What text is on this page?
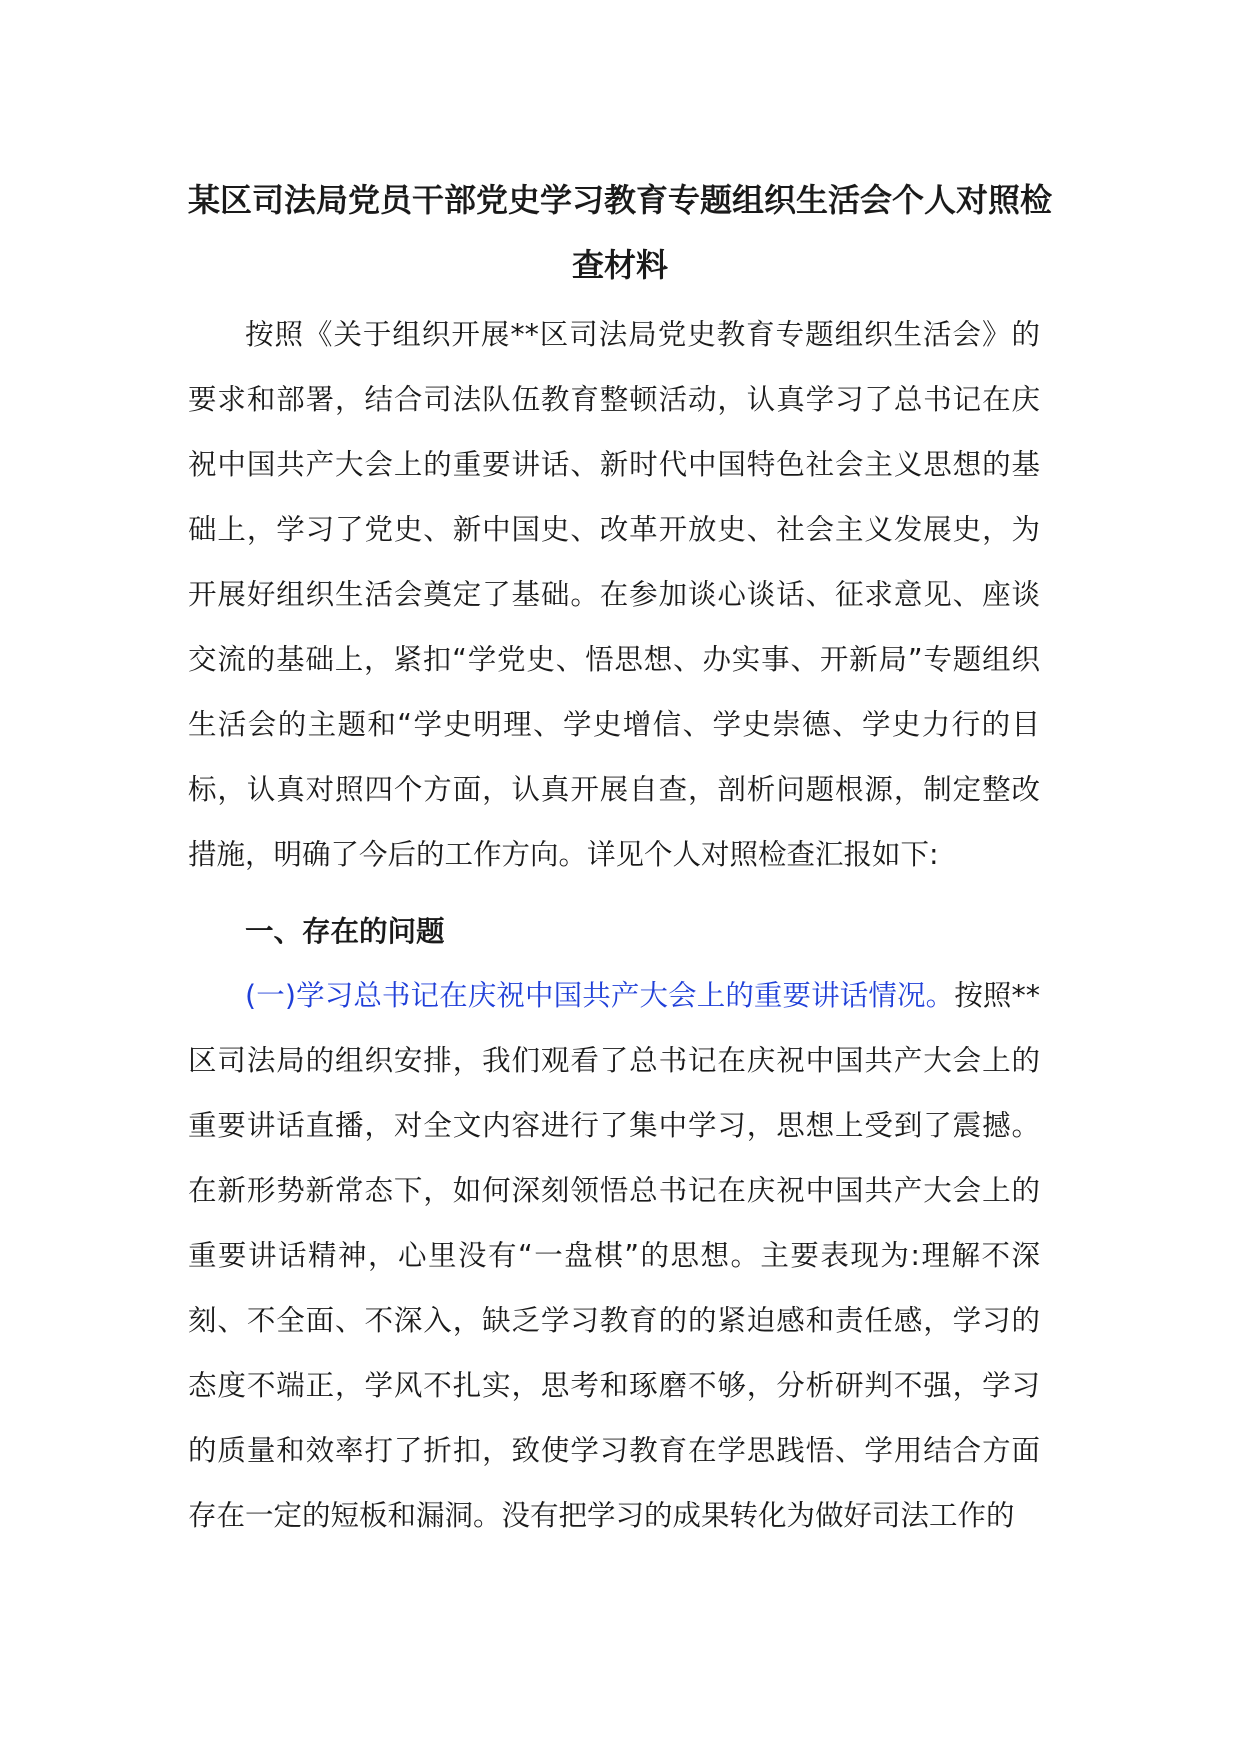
某区司法局党员干部党史学习教育专题组织生活会个人对照检查材料

按照《关于组织开展**区司法局党史教育专题组织生活会》的要求和部署，结合司法队伍教育整顿活动，认真学习了总书记在庆祝中国共产大会上的重要讲话、新时代中国特色社会主义思想的基础上，学习了党史、新中国史、改革开放史、社会主义发展史，为开展好组织生活会奠定了基础。在参加谈心谈话、征求意见、座谈交流的基础上，紧扣“学党史、悟思想、办实事、开新局”专题组织生活会的主题和“学史明理、学史增信、学史崇德、学史力行的目标，认真对照四个方面，认真开展自查，剖析问题根源，制定整改措施，明确了今后的工作方向。详见个人对照检查汇报如下:

一、存在的问题

(一)学习总书记在庆祝中国共产大会上的重要讲话情况。按照**区司法局的组织安排，我们观看了总书记在庆祝中国共产大会上的重要讲话直播，对全文内容进行了集中学习，思想上受到了震撼。在新形势新常态下，如何深刻领悟总书记在庆祝中国共产大会上的重要讲话精神，心里没有“一盘棋”的思想。主要表现为:理解不深刻、不全面、不深入，缺乏学习教育的的紧迫感和责任感，学习的态度不端正，学风不扎实，思考和琢磨不够，分析研判不强，学习的质量和效率打了折扣，致使学习教育在学思践悟、学用结合方面存在一定的短板和漏洞。没有把学习的成果转化为做好司法工作的
